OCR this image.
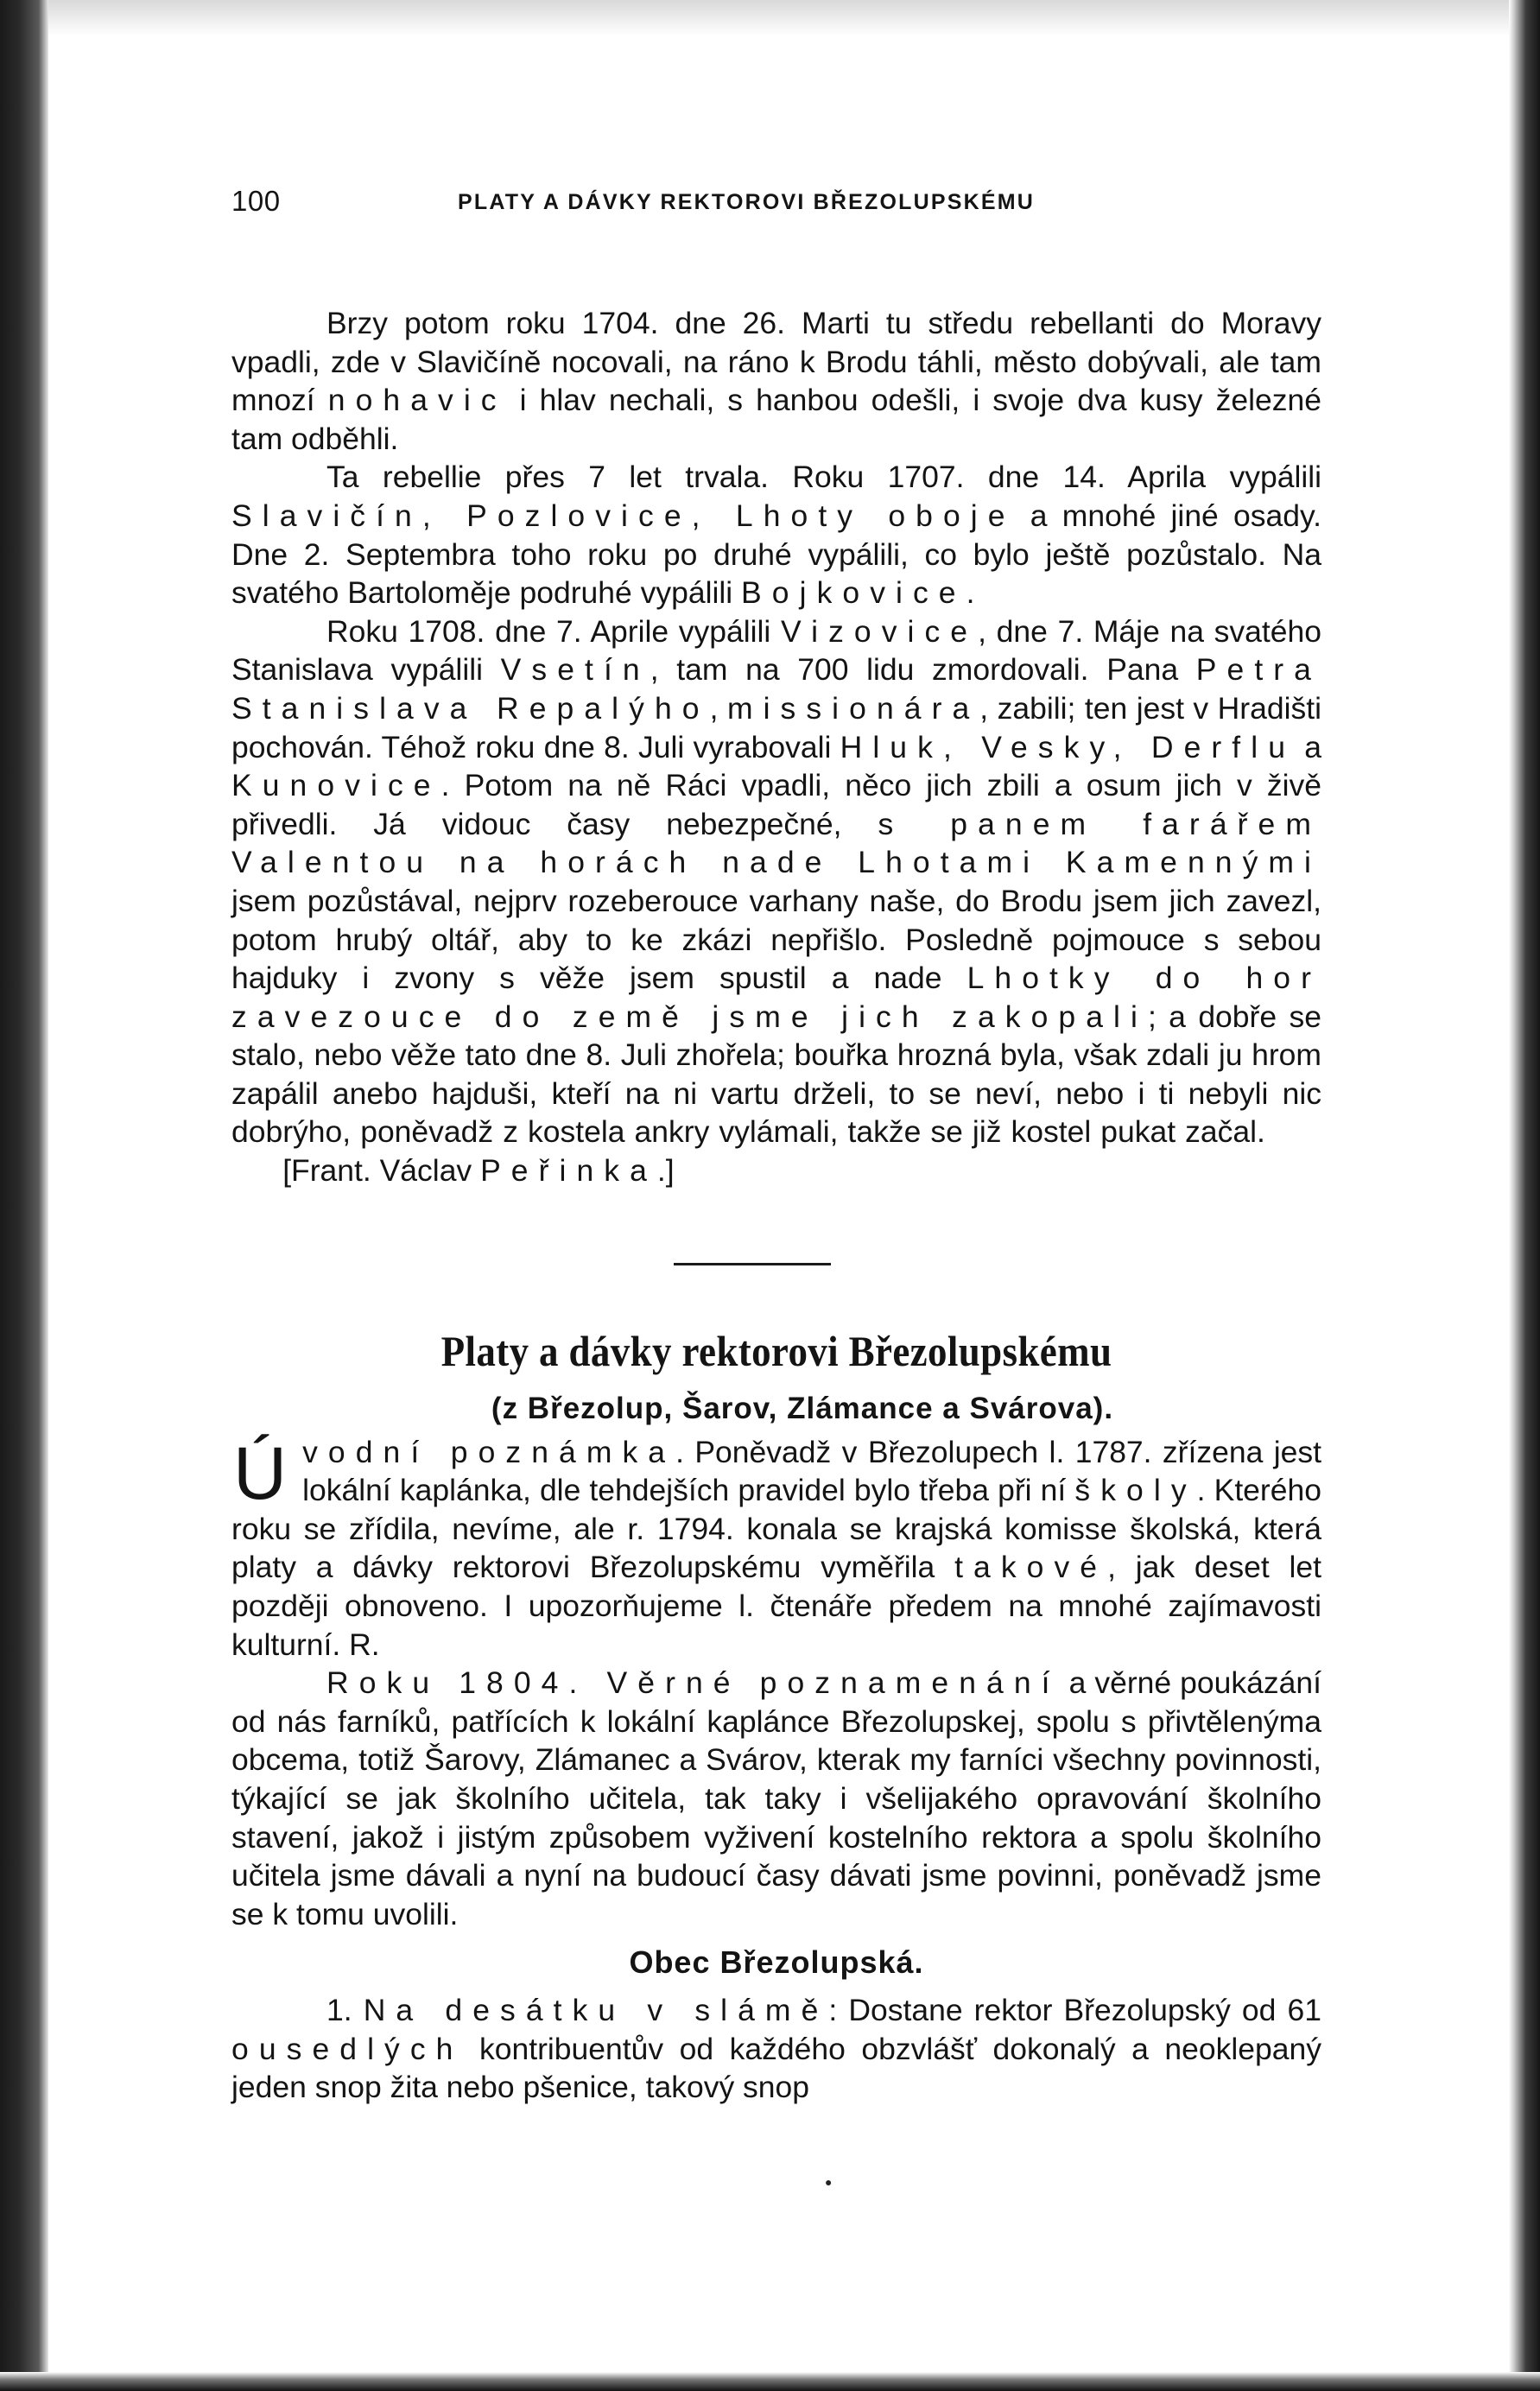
100	PLATY A DÁVKY REKTOROVI BŘEZOLUPSKÉMU

Brzy potom roku 1704. dne 26. Marti tu středu rebellanti do Moravy vpadli, zde v Slavičíně nocovali, na ráno k Brodu táhli, město dobývali, ale tam mnozí nohavic i hlav nechali, s hanbou odešli, i svoje dva kusy železné tam odběhli.

Ta rebellie přes 7 let trvala. Roku 1707. dne 14. Aprila vypálili Slavičín, Pozlovice, Lhoty oboje a mnohé jiné osady. Dne 2. Septembra toho roku po druhé vypálili, co bylo ještě pozůstalo. Na svatého Bartoloměje podruhé vypálili Bojkovice.

Roku 1708. dne 7. Aprile vypálili Vizovice, dne 7. Máje na svatého Stanislava vypálili Vsetín, tam na 700 lidu zmordovali. Pana Petra Stanislava Repalýho, missionára, zabili; ten jest v Hradišti pochován. Téhož roku dne 8. Juli vyrabovali Hluk, Vesky, Derflu a Kunovice. Potom na ně Ráci vpadli, něco jich zbili a osum jich v živě přivedli. Já vidouc časy nebezpečné, s panem farářem Valentou na horách nade Lhotami Kamennými jsem pozůstával, nejprv rozeberouce varhany naše, do Brodu jsem jich zavezl, potom hrubý oltář, aby to ke zkázi nepřišlo. Posledně pojmouce s sebou hajduky i zvony s věže jsem spustil a nade Lhotky do hor zavezouce do země jsme jich zakopali; a dobře se stalo, nebo věže tato dne 8. Juli zhořela; bouřka hrozná byla, však zdali ju hrom zapálil anebo hajduši, kteří na ni vartu drželi, to se neví, nebo i ti nebyli nic dobrýho, poněvadž z kostela ankry vylámali, takže se již kostel pukat začal.             [Frant. Václav Peřinka.]

Platy a dávky rektorovi Březolupskému
(z Březolup, Šarov, Zlámance a Svárova).

Úvodní poznámka. Poněvadž v Březolupech l. 1787. zřízena jest lokální kaplánka, dle tehdejších pravidel bylo třeba při ní školy. Kterého roku se zřídila, nevíme, ale r. 1794. konala se krajská komisse školská, která platy a dávky rektorovi Březolupskému vyměřila takové, jak deset let později obnoveno. I upozorňujeme l. čtenáře předem na mnohé zajímavosti kulturní. R.

Roku 1804. Věrné poznamenání a věrné poukázání od nás farníků, patřících k lokální kaplánce Březolupskej, spolu s přivtělenýma obcema, totiž Šarovy, Zlámanec a Svárov, kterak my farníci všechny povinnosti, týkající se jak školního učitela, tak taky i všelijakého opravování školního stavení, jakož i jistým způsobem vyživení kostelního rektora a spolu školního učitela jsme dávali a nyní na budoucí časy dávati jsme povinni, poněvadž jsme se k tomu uvolili.

Obec Březolupská.

1. Na desátku v slámě: Dostane rektor Březolupský od 61 ousedlých kontribuentův od každého obzvlášť dokonalý a neoklepaný jeden snop žita nebo pšenice, takový snop

●
